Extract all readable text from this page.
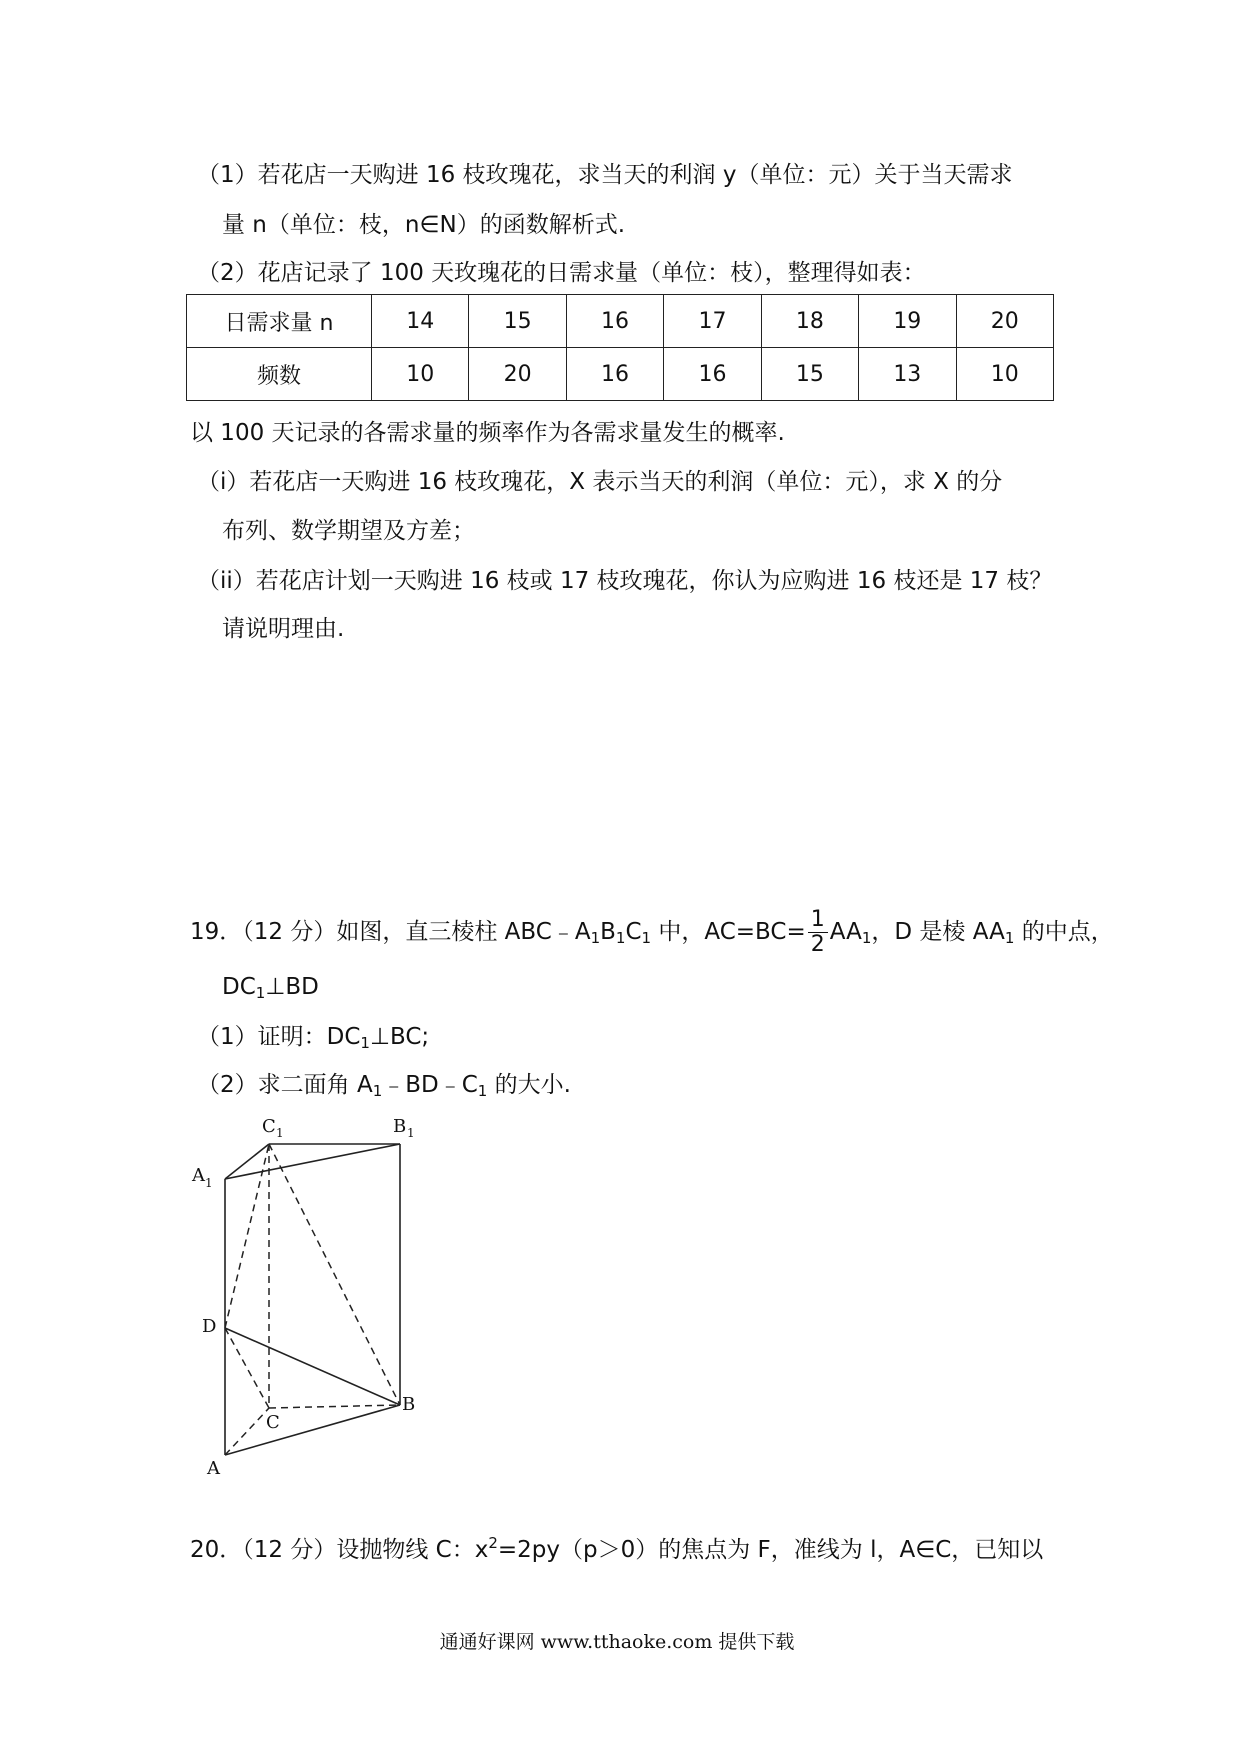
（1）若花店一天购进 16 枝玫瑰花，求当天的利润 y（单位：元）关于当天需求
量 n（单位：枝，n∈N）的函数解析式.
（2）花店记录了 100 天玫瑰花的日需求量（单位：枝），整理得如表：
日需求量 n	14	15	16	17	18	19	20
频数	10	20	16	16	15	13	10
以 100 天记录的各需求量的频率作为各需求量发生的概率.
（i）若花店一天购进 16 枝玫瑰花，X 表示当天的利润（单位：元），求 X 的分
布列、数学期望及方差；
（ii）若花店计划一天购进 16 枝或 17 枝玫瑰花，你认为应购进 16 枝还是 17 枝？
请说明理由.
19．（12 分）如图，直三棱柱 $ABC﹣A_1B_1C_1$ 中，$AC=BC= \frac{1}{2} AA_1$，D 是棱 $AA_1$ 的中点，
$DC_1\perp BD$
（1）证明：$DC_1\perp BC$;
（2）求二面角 $A_1﹣BD﹣C_1$ 的大小.
C 1	B 1
A 1
D
C
B
A
20．（12 分）设抛物线 C：$x^2=2py(p>0)$的焦点为 F，准线为 l，A∈C，已知以
通通好课网 www.tthaoke.com 提供下载
